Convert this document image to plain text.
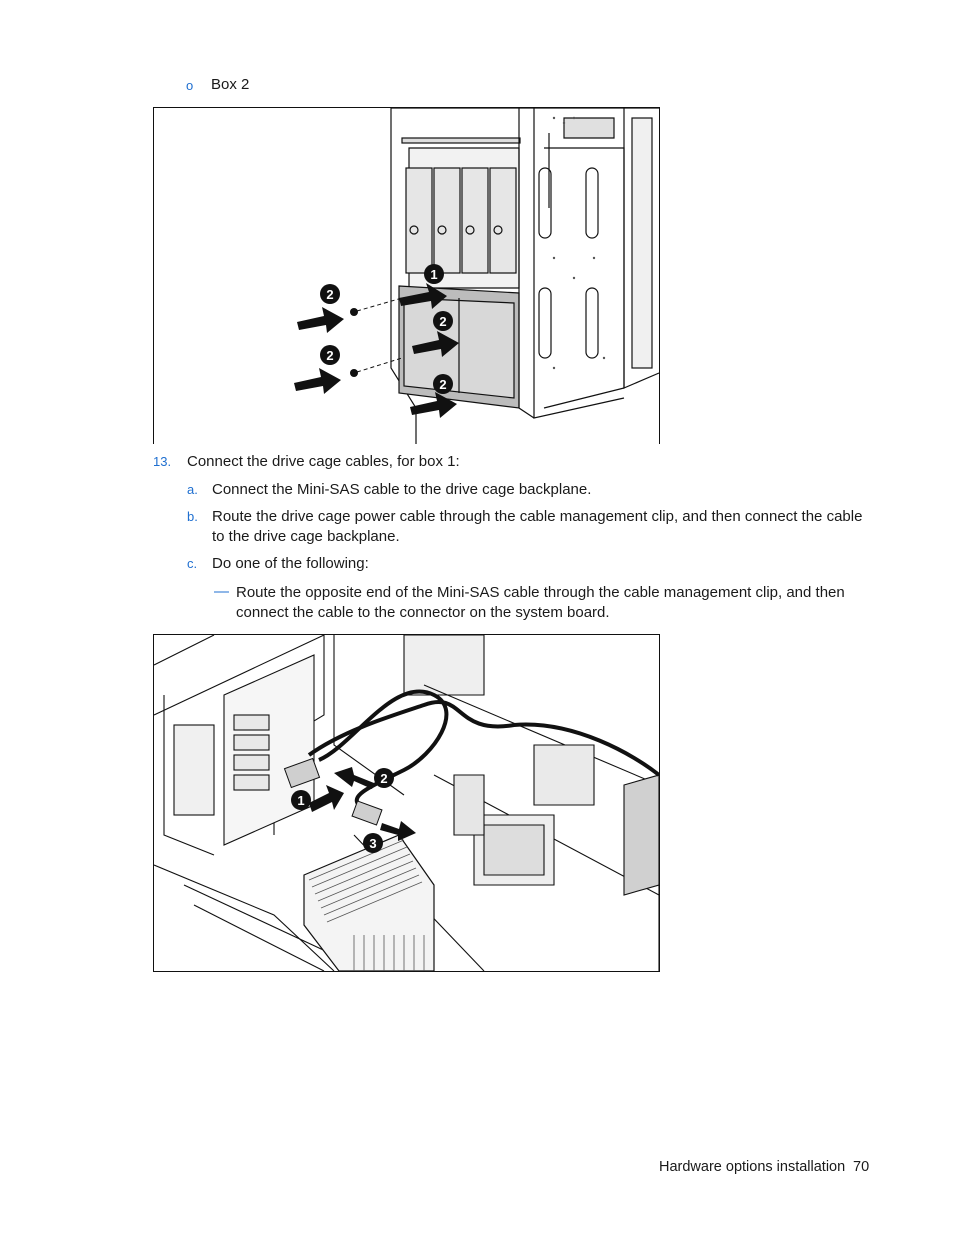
o Box 2
1
2
2
2
2
13. Connect the drive cage cables, for box 1:
a. Connect the Mini-SAS cable to the drive cage backplane.
b. Route the drive cage power cable through the cable management clip, and then connect the cable to the drive cage backplane.
c. Do one of the following:
— Route the opposite end of the Mini-SAS cable through the cable management clip, and then connect the cable to the connector on the system board.
1
2
3
Hardware options installation 70
